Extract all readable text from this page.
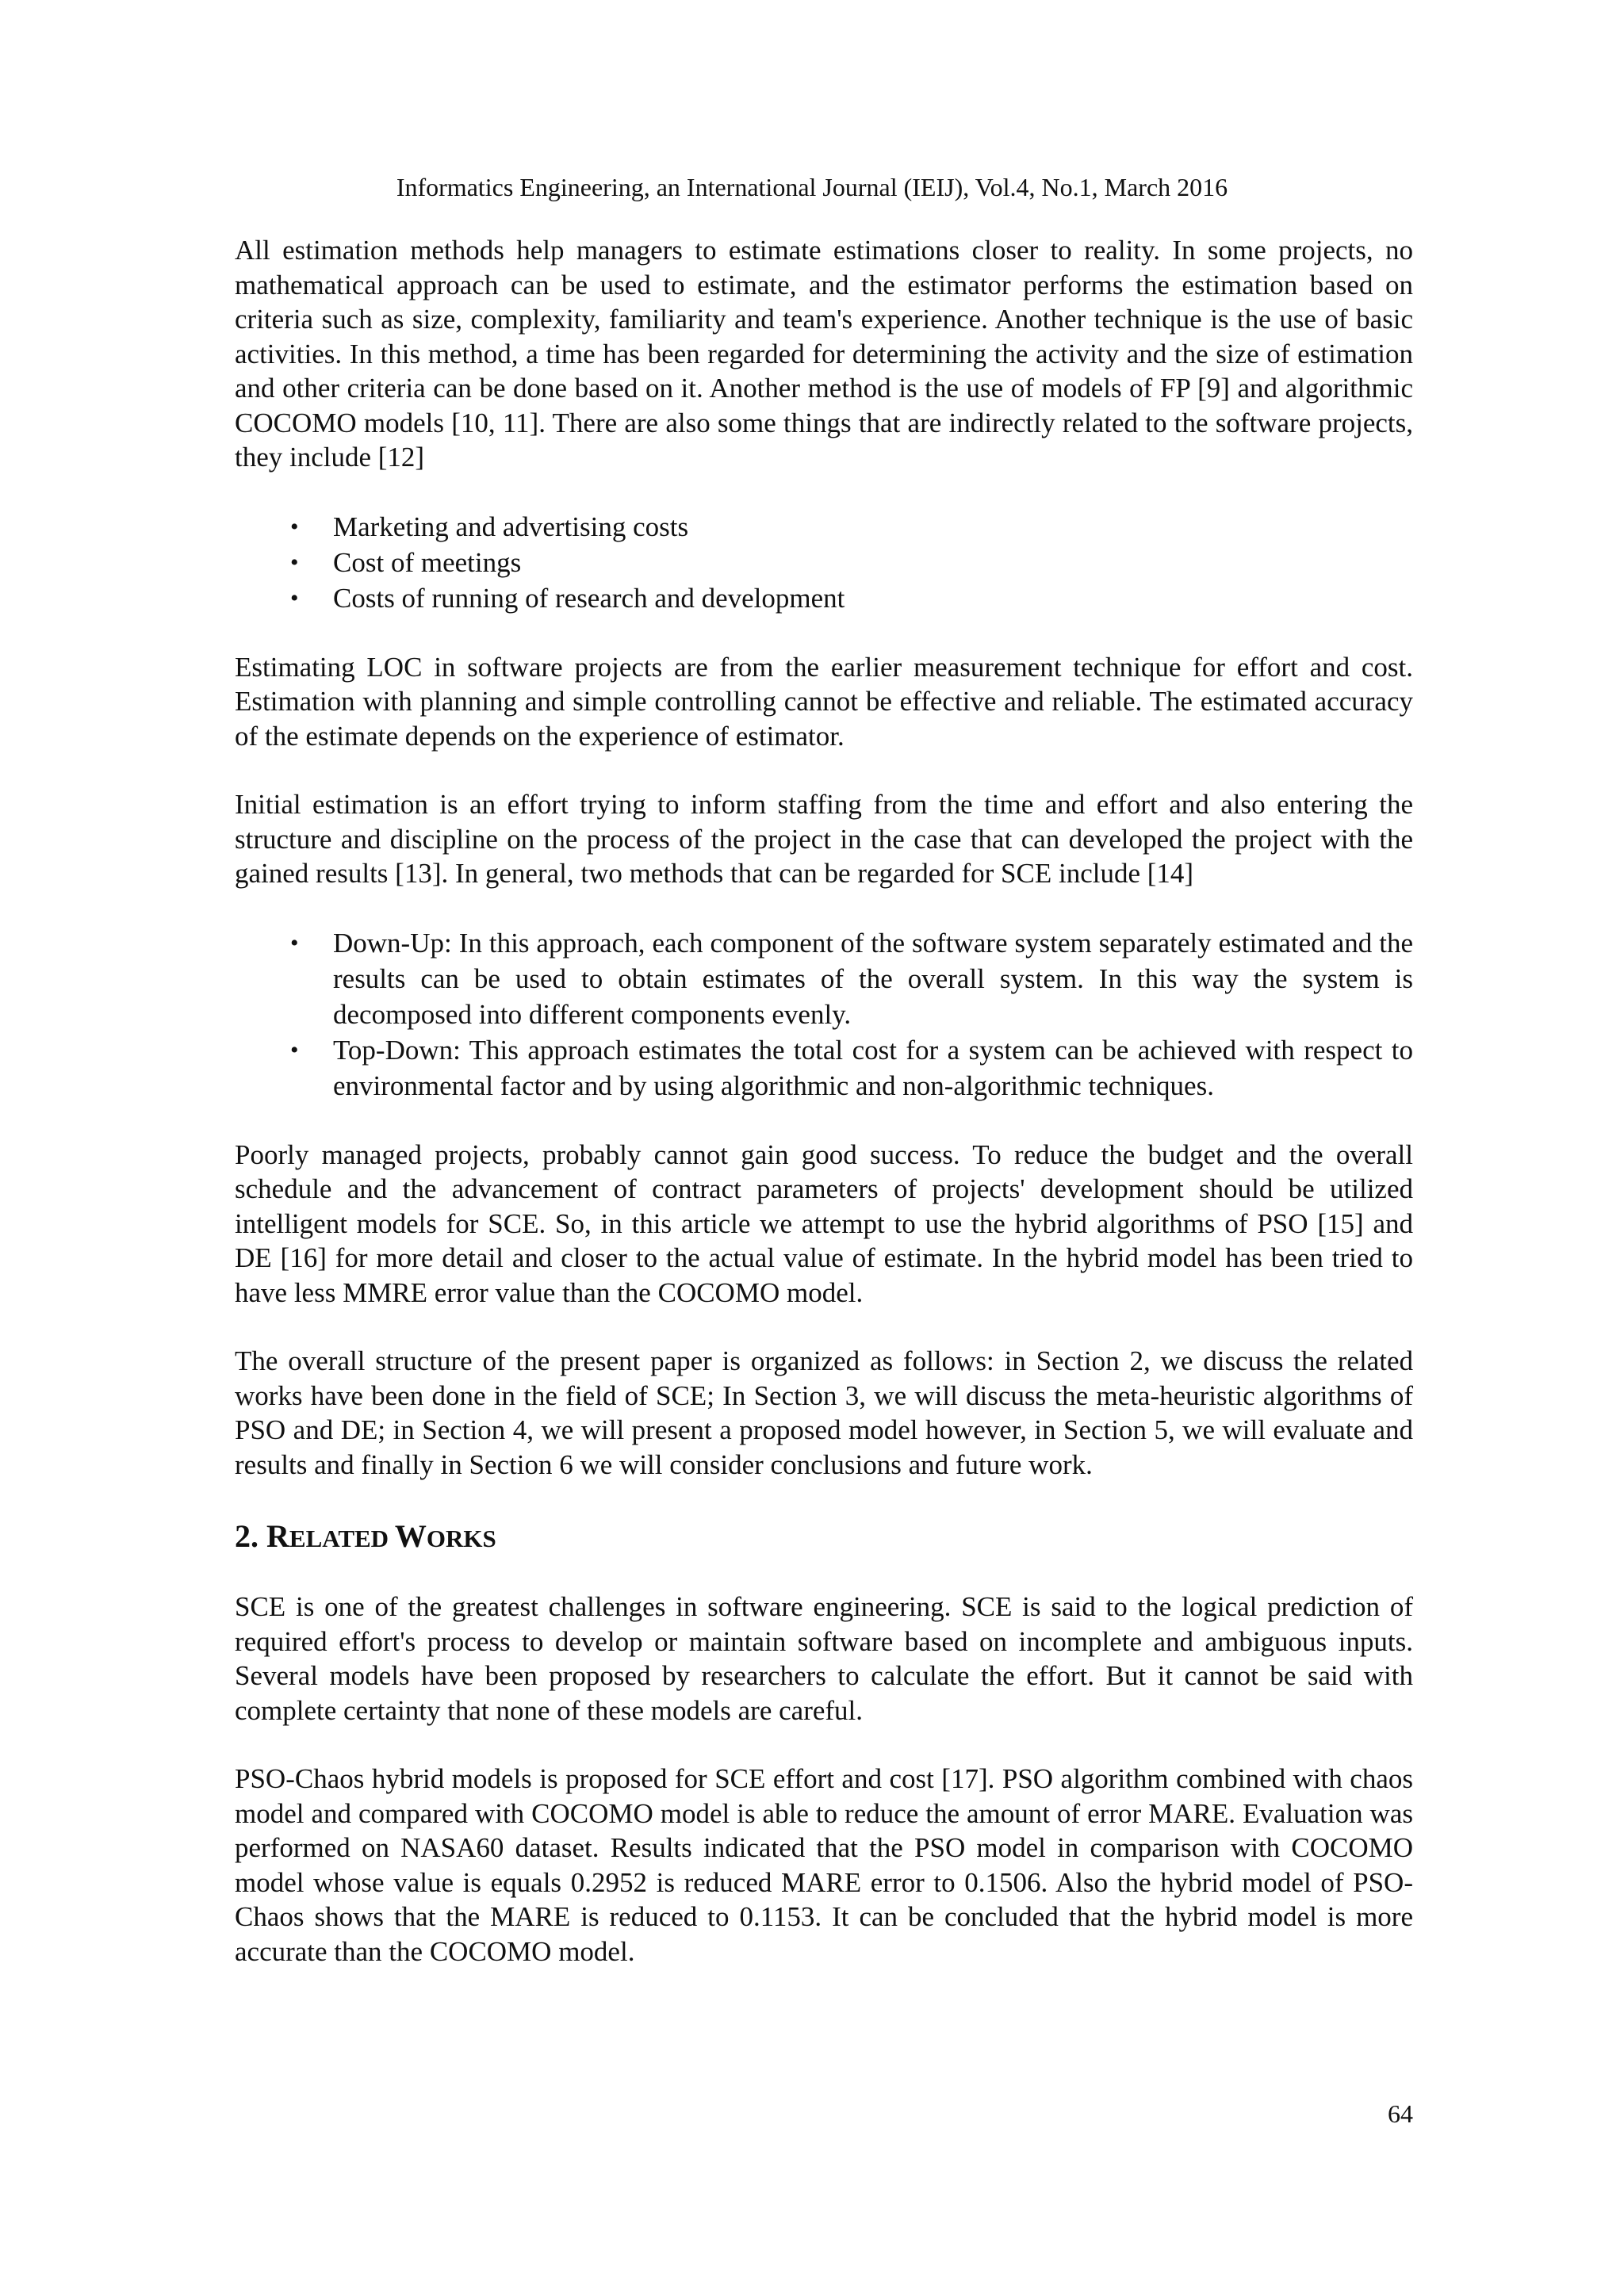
Informatics Engineering, an International Journal (IEIJ), Vol.4, No.1, March 2016

All estimation methods help managers to estimate estimations closer to reality. In some projects, no mathematical approach can be used to estimate, and the estimator performs the estimation based on criteria such as size, complexity, familiarity and team's experience. Another technique is the use of basic activities. In this method, a time has been regarded for determining the activity and the size of estimation and other criteria can be done based on it. Another method is the use of models of FP [9] and algorithmic COCOMO models [10, 11]. There are also some things that are indirectly related to the software projects, they include [12]

• Marketing and advertising costs
• Cost of meetings
• Costs of running of research and development

Estimating LOC in software projects are from the earlier measurement technique for effort and cost. Estimation with planning and simple controlling cannot be effective and reliable. The estimated accuracy of the estimate depends on the experience of estimator.

Initial estimation is an effort trying to inform staffing from the time and effort and also entering the structure and discipline on the process of the project in the case that can developed the project with the gained results [13]. In general, two methods that can be regarded for SCE include [14]

• Down-Up: In this approach, each component of the software system separately estimated and the results can be used to obtain estimates of the overall system. In this way the system is decomposed into different components evenly.
• Top-Down: This approach estimates the total cost for a system can be achieved with respect to environmental factor and by using algorithmic and non-algorithmic techniques.

Poorly managed projects, probably cannot gain good success. To reduce the budget and the overall schedule and the advancement of contract parameters of projects' development should be utilized intelligent models for SCE. So, in this article we attempt to use the hybrid algorithms of PSO [15] and DE [16] for more detail and closer to the actual value of estimate. In the hybrid model has been tried to have less MMRE error value than the COCOMO model.

The overall structure of the present paper is organized as follows: in Section 2, we discuss the related works have been done in the field of SCE; In Section 3, we will discuss the meta-heuristic algorithms of PSO and DE; in Section 4, we will present a proposed model however, in Section 5, we will evaluate and results and finally in Section 6 we will consider conclusions and future work.

2. RELATED WORKS

SCE is one of the greatest challenges in software engineering. SCE is said to the logical prediction of required effort's process to develop or maintain software based on incomplete and ambiguous inputs. Several models have been proposed by researchers to calculate the effort. But it cannot be said with complete certainty that none of these models are careful.

PSO-Chaos hybrid models is proposed for SCE effort and cost [17]. PSO algorithm combined with chaos model and compared with COCOMO model is able to reduce the amount of error MARE. Evaluation was performed on NASA60 dataset. Results indicated that the PSO model in comparison with COCOMO model whose value is equals 0.2952 is reduced MARE error to 0.1506. Also the hybrid model of PSO-Chaos shows that the MARE is reduced to 0.1153. It can be concluded that the hybrid model is more accurate than the COCOMO model.

64
